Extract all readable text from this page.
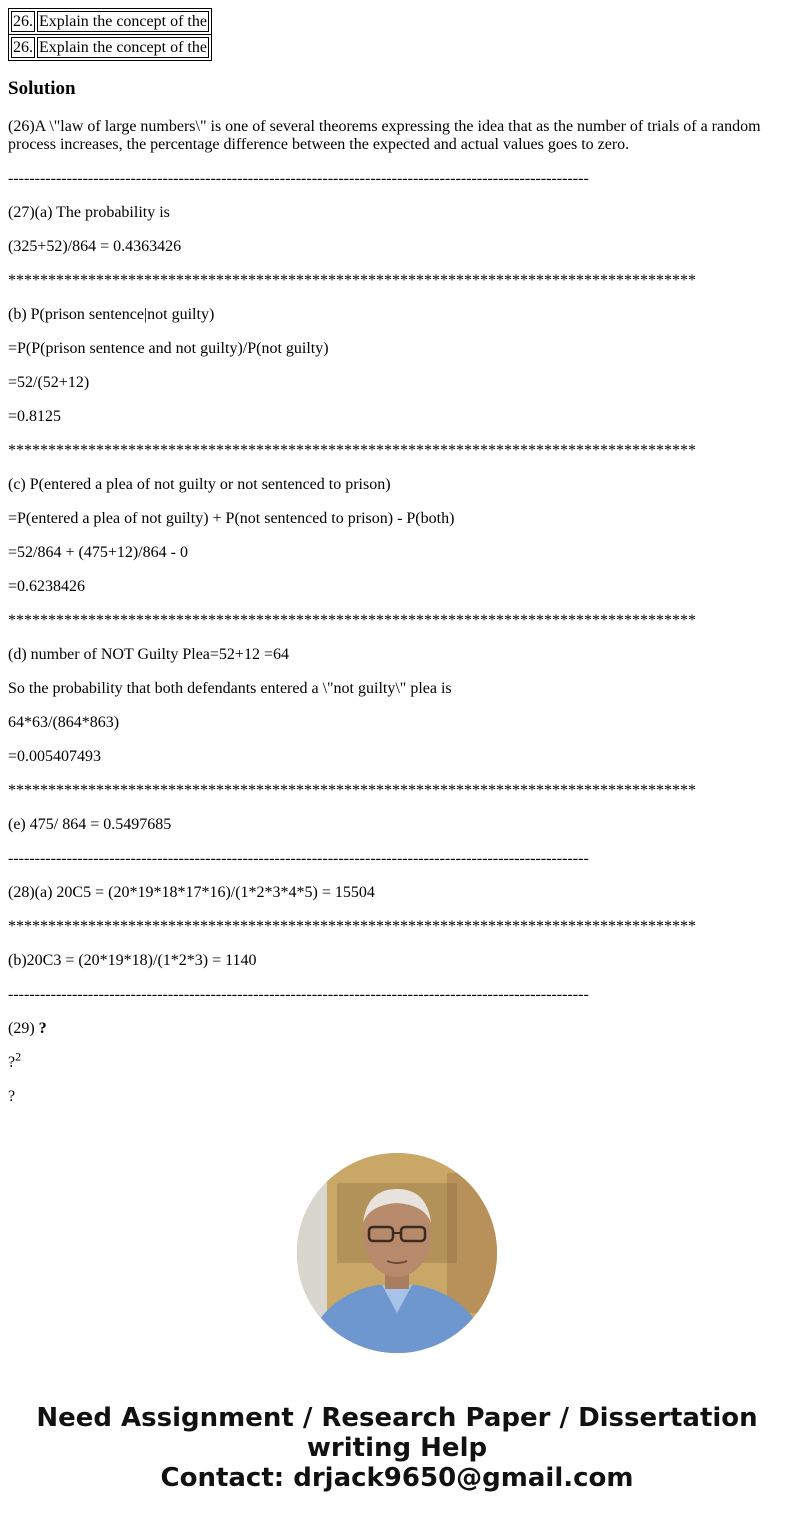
26.	Explain the concept of the
26.	Explain the concept of the
Solution

(26)A \"law of large numbers\" is one of several theorems expressing the idea that as the number of trials of a random process increases, the percentage difference between the expected and actual values goes to zero.

-------------------------------------------------------------------------------------------------------------

(27)(a) The probability is

(325+52)/864 = 0.4363426

**************************************************************************************

(b) P(prison sentence|not guilty)

=P(P(prison sentence and not guilty)/P(not guilty)

=52/(52+12)

=0.8125

**************************************************************************************

(c) P(entered a plea of not guilty or not sentenced to prison)

=P(entered a plea of not guilty) + P(not sentenced to prison) - P(both)

=52/864 + (475+12)/864 - 0

=0.6238426

**************************************************************************************

(d) number of NOT Guilty Plea=52+12 =64

So the probability that both defendants entered a \"not guilty\" plea is

64*63/(864*863)

=0.005407493

**************************************************************************************

(e) 475/ 864 = 0.5497685

-------------------------------------------------------------------------------------------------------------

(28)(a) 20C5 = (20*19*18*17*16)/(1*2*3*4*5) = 15504

**************************************************************************************

(b)20C3 = (20*19*18)/(1*2*3) = 1140

-------------------------------------------------------------------------------------------------------------

(29) ?

?$^2$

?

Need Assignment / Research Paper / Dissertation
writing Help
Contact: drjack9650@gmail.com
